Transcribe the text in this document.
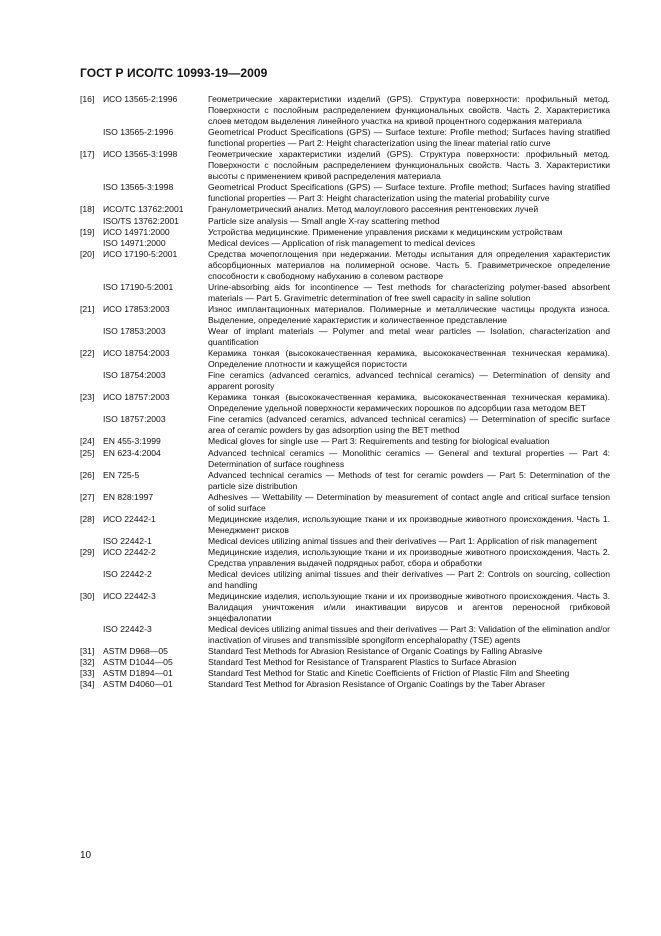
ГОСТ Р ИСО/ТС 10993-19—2009
[16]	ИСО 13565-2:1996	Геометрические характеристики изделий (GPS). Структура поверхности: профильный метод. Поверхности с послойным распределением функциональных свойств. Часть 2. Характеристика слоев методом выделения линейного участка на кривой процентного содержания материала
ISO 13565-2:1996	Geometrical Product Specifications (GPS) — Surface texture: Profile method; Surfaces having stratified functional properties — Part 2: Height characterization using the linear material ratio curve
[17]	ИСО 13565-3:1998	Геометрические характеристики изделий (GPS). Структура поверхности: профильный метод. Поверхности с послойным распределением функциональных свойств. Часть 3. Характеристики высоты с применением кривой распределения материала
ISO 13565-3:1998	Geometrical Product Specifications (GPS) — Surface texture. Profile method; Surfaces having stratified functional properties — Part 3: Height characterization using the material probability curve
[18]	ИСО/ТС 13762:2001	Гранулометрический анализ. Метод малоуглового рассеяния рентгеновских лучей
ISO/TS 13762:2001	Particle size analysis — Small angle X-ray scattering method
[19]	ИСО 14971:2000	Устройства медицинские. Применение управления рисками к медицинским устройствам
ISO 14971:2000	Medical devices — Application of risk management to medical devices
[20]	ИСО 17190-5:2001	Средства мочепоглощения при недержании. Методы испытания для определения характеристик абсорбционных материалов на полимерной основе. Часть 5. Гравиметрическое определение способности к свободному набуханию в солевом растворе
ISO 17190-5:2001	Urine-absorbing aids for incontinence — Test methods for characterizing polymer-based absorbent materials — Part 5. Gravimetric determination of free swell capacity in saline solution
[21]	ИСО 17853:2003	Износ имплантационных материалов. Полимерные и металлические частицы продукта износа. Выделение, определение характеристик и количественное представление
ISO 17853:2003	Wear of implant materials — Polymer and metal wear particles — Isolation, characterization and quantification
[22]	ИСО 18754:2003	Керамика тонкая (высококачественная керамика, высококачественная техническая керамика). Определение плотности и кажущейся пористости
ISO 18754:2003	Fine ceramics (advanced ceramics, advanced technical ceramics) — Determination of density and apparent porosity
[23]	ИСО 18757:2003	Керамика тонкая (высококачественная керамика, высококачественная техническая керамика). Определение удельной поверхности керамических порошков по адсорбции газа методом BET
ISO 18757:2003	Fine ceramics (advanced ceramics, advanced technical ceramics) — Determination of specific surface area of ceramic powders by gas adsorption using the BET method
[24]	EN 455-3:1999	Medical gloves for single use — Part 3: Requirements and testing for biological evaluation
[25]	EN 623-4:2004	Advanced technical ceramics — Monolithic ceramics — General and textural properties — Part 4: Determination of surface roughness
[26]	EN 725-5	Advanced technical ceramics — Methods of test for ceramic powders — Part 5: Determination of the particle size distribution
[27]	EN 828:1997	Adhesives — Wettability — Determination by measurement of contact angle and critical surface tension of solid surface
[28]	ИСО 22442-1	Медицинские изделия, использующие ткани и их производные животного происхождения. Часть 1. Менеджмент рисков
ISO 22442-1	Medical devices utilizing animal tissues and their derivatives — Part 1: Application of risk management
[29]	ИСО 22442-2	Медицинские изделия, использующие ткани и их производные животного происхождения. Часть 2. Средства управления выдачей подрядных работ, сбора и обработки
ISO 22442-2	Medical devices utilizing animal tissues and their derivatives — Part 2: Controls on sourcing, collection and handling
[30]	ИСО 22442-3	Медицинские изделия, использующие ткани и их производные животного происхождения. Часть 3. Валидация уничтожения и/или инактивации вирусов и агентов переносной грибковой энцефалопатии
ISO 22442-3	Medical devices utilizing animal tissues and their derivatives — Part 3: Validation of the elimination and/or inactivation of viruses and transmissible spongiform encephalopathy (TSE) agents
[31]	ASTM D968—05	Standard Test Methods for Abrasion Resistance of Organic Coatings by Falling Abrasive
[32]	ASTM D1044—05	Standard Test Method for Resistance of Transparent Plastics to Surface Abrasion
[33]	ASTM D1894—01	Standard Test Method for Static and Kinetic Coefficients of Friction of Plastic Film and Sheeting
[34]	ASTM D4060—01	Standard Test Method for Abrasion Resistance of Organic Coatings by the Taber Abraser
10
